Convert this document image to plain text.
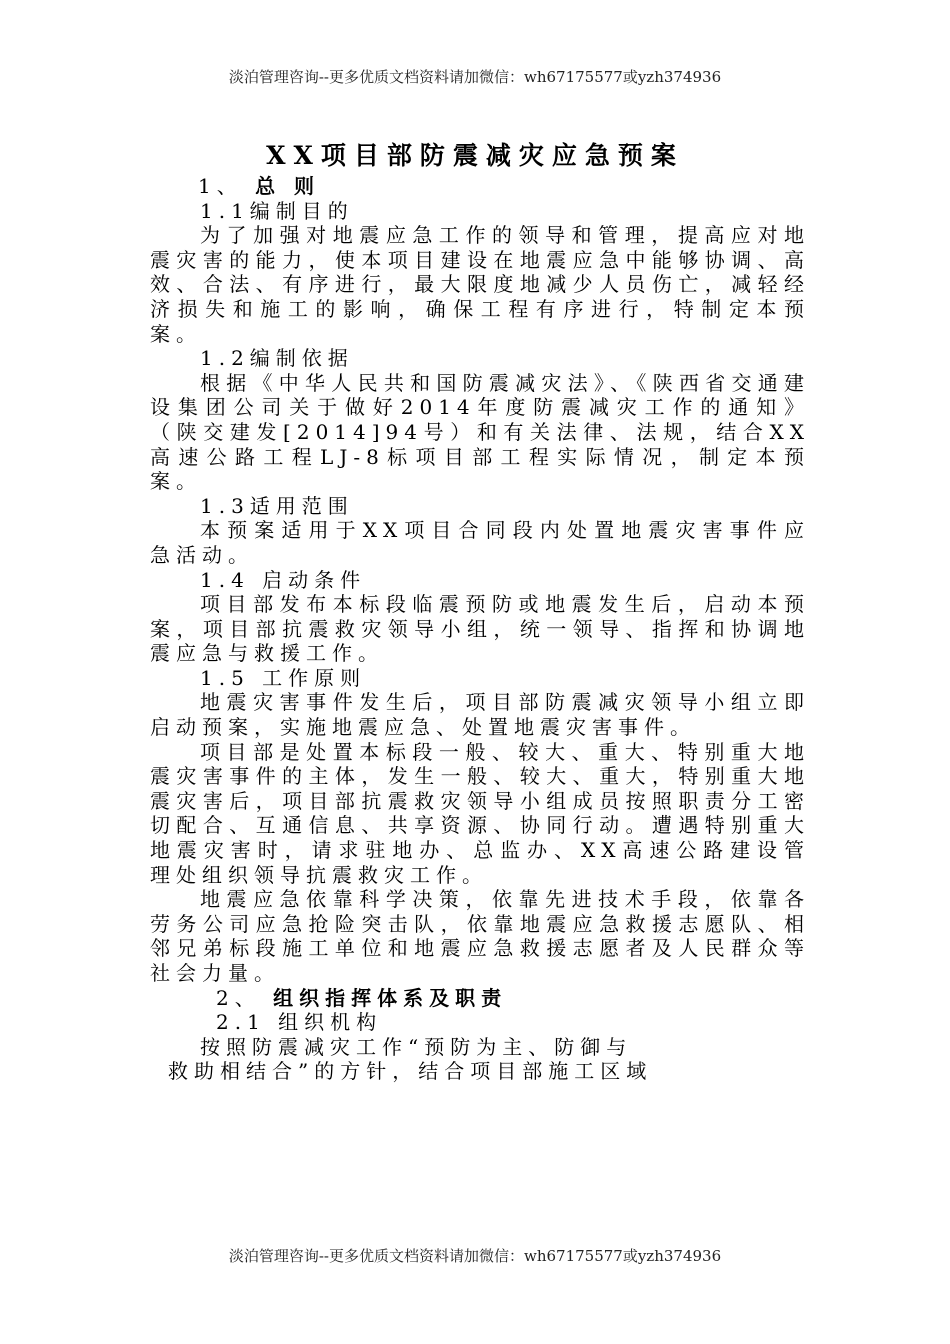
淡泊管理咨询--更多优质文档资料请加微信：wh67175577或yzh374936
XX项目部防震减灾应急预案

1、 总 则

1.1编制目的

为了加强对地震应急工作的领导和管理，提高应对地震灾害的能力，使本项目建设在地震应急中能够协调、高效、合法、有序进行，最大限度地减少人员伤亡，减轻经济损失和施工的影响，确保工程有序进行，特制定本预案。

1.2编制依据

根据《中华人民共和国防震减灾法》、《陕西省交通建设集团公司关于做好2014年度防震减灾工作的通知》（陕交建发[2014]94号）和有关法律、法规，结合XX高速公路工程LJ-8标项目部工程实际情况，制定本预案。

1.3适用范围

本预案适用于XX项目合同段内处置地震灾害事件应急活动。

1.4 启动条件

项目部发布本标段临震预防或地震发生后，启动本预案，项目部抗震救灾领导小组，统一领导、指挥和协调地震应急与救援工作。

1.5 工作原则

地震灾害事件发生后，项目部防震减灾领导小组立即启动预案，实施地震应急、处置地震灾害事件。

项目部是处置本标段一般、较大、重大、特别重大地震灾害事件的主体，发生一般、较大、重大，特别重大地震灾害后，项目部抗震救灾领导小组成员按照职责分工密切配合、互通信息、共享资源、协同行动。遭遇特别重大地震灾害时，请求驻地办、总监办、XX高速公路建设管理处组织领导抗震救灾工作。

地震应急依靠科学决策，依靠先进技术手段，依靠各劳务公司应急抢险突击队，依靠地震应急救援志愿队、相邻兄弟标段施工单位和地震应急救援志愿者及人民群众等社会力量。

2、 组织指挥体系及职责

2.1 组织机构

按照防震减灾工作“预防为主、防御与

救助相结合”的方针，结合项目部施工区域

淡泊管理咨询--更多优质文档资料请加微信：wh67175577或yzh374936
